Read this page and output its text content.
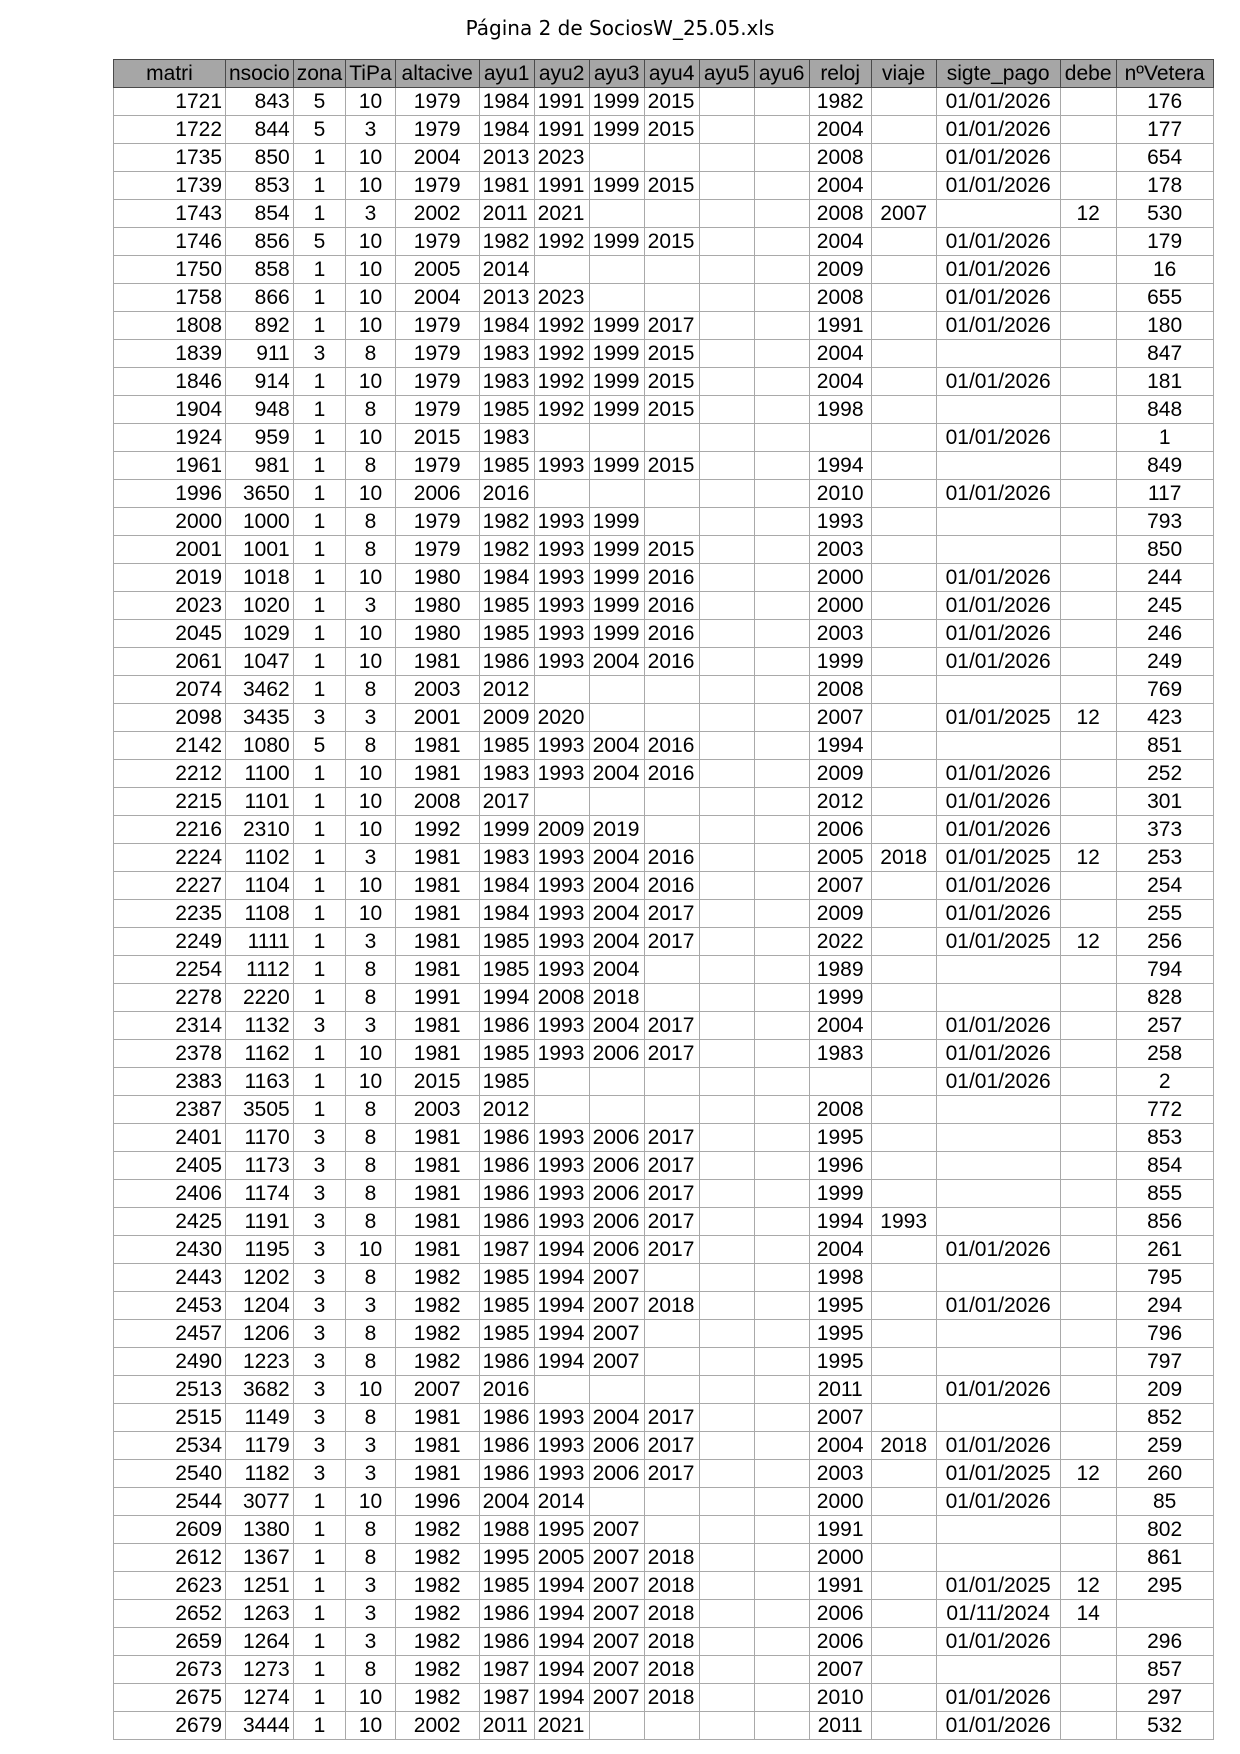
Página 2 de SociosW_25.05.xls
matri	nsocio	zona	TiPa	altacive	ayu1	ayu2	ayu3	ayu4	ayu5	ayu6	reloj	viaje	sigte_pago	debe	nºVetera
1721	843	5	10	1979	1984	1991	1999	2015			1982		01/01/2026		176
1722	844	5	3	1979	1984	1991	1999	2015			2004		01/01/2026		177
1735	850	1	10	2004	2013	2023					2008		01/01/2026		654
1739	853	1	10	1979	1981	1991	1999	2015			2004		01/01/2026		178
1743	854	1	3	2002	2011	2021					2008	2007		12	530
1746	856	5	10	1979	1982	1992	1999	2015			2004		01/01/2026		179
1750	858	1	10	2005	2014						2009		01/01/2026		16
1758	866	1	10	2004	2013	2023					2008		01/01/2026		655
1808	892	1	10	1979	1984	1992	1999	2017			1991		01/01/2026		180
1839	911	3	8	1979	1983	1992	1999	2015			2004				847
1846	914	1	10	1979	1983	1992	1999	2015			2004		01/01/2026		181
1904	948	1	8	1979	1985	1992	1999	2015			1998				848
1924	959	1	10	2015	1983								01/01/2026		1
1961	981	1	8	1979	1985	1993	1999	2015			1994				849
1996	3650	1	10	2006	2016						2010		01/01/2026		117
2000	1000	1	8	1979	1982	1993	1999				1993				793
2001	1001	1	8	1979	1982	1993	1999	2015			2003				850
2019	1018	1	10	1980	1984	1993	1999	2016			2000		01/01/2026		244
2023	1020	1	3	1980	1985	1993	1999	2016			2000		01/01/2026		245
2045	1029	1	10	1980	1985	1993	1999	2016			2003		01/01/2026		246
2061	1047	1	10	1981	1986	1993	2004	2016			1999		01/01/2026		249
2074	3462	1	8	2003	2012						2008				769
2098	3435	3	3	2001	2009	2020					2007		01/01/2025	12	423
2142	1080	5	8	1981	1985	1993	2004	2016			1994				851
2212	1100	1	10	1981	1983	1993	2004	2016			2009		01/01/2026		252
2215	1101	1	10	2008	2017						2012		01/01/2026		301
2216	2310	1	10	1992	1999	2009	2019				2006		01/01/2026		373
2224	1102	1	3	1981	1983	1993	2004	2016			2005	2018	01/01/2025	12	253
2227	1104	1	10	1981	1984	1993	2004	2016			2007		01/01/2026		254
2235	1108	1	10	1981	1984	1993	2004	2017			2009		01/01/2026		255
2249	1111	1	3	1981	1985	1993	2004	2017			2022		01/01/2025	12	256
2254	1112	1	8	1981	1985	1993	2004				1989				794
2278	2220	1	8	1991	1994	2008	2018				1999				828
2314	1132	3	3	1981	1986	1993	2004	2017			2004		01/01/2026		257
2378	1162	1	10	1981	1985	1993	2006	2017			1983		01/01/2026		258
2383	1163	1	10	2015	1985								01/01/2026		2
2387	3505	1	8	2003	2012						2008				772
2401	1170	3	8	1981	1986	1993	2006	2017			1995				853
2405	1173	3	8	1981	1986	1993	2006	2017			1996				854
2406	1174	3	8	1981	1986	1993	2006	2017			1999				855
2425	1191	3	8	1981	1986	1993	2006	2017			1994	1993			856
2430	1195	3	10	1981	1987	1994	2006	2017			2004		01/01/2026		261
2443	1202	3	8	1982	1985	1994	2007				1998				795
2453	1204	3	3	1982	1985	1994	2007	2018			1995		01/01/2026		294
2457	1206	3	8	1982	1985	1994	2007				1995				796
2490	1223	3	8	1982	1986	1994	2007				1995				797
2513	3682	3	10	2007	2016						2011		01/01/2026		209
2515	1149	3	8	1981	1986	1993	2004	2017			2007				852
2534	1179	3	3	1981	1986	1993	2006	2017			2004	2018	01/01/2026		259
2540	1182	3	3	1981	1986	1993	2006	2017			2003		01/01/2025	12	260
2544	3077	1	10	1996	2004	2014					2000		01/01/2026		85
2609	1380	1	8	1982	1988	1995	2007				1991				802
2612	1367	1	8	1982	1995	2005	2007	2018			2000				861
2623	1251	1	3	1982	1985	1994	2007	2018			1991		01/01/2025	12	295
2652	1263	1	3	1982	1986	1994	2007	2018			2006		01/11/2024	14	
2659	1264	1	3	1982	1986	1994	2007	2018			2006		01/01/2026		296
2673	1273	1	8	1982	1987	1994	2007	2018			2007				857
2675	1274	1	10	1982	1987	1994	2007	2018			2010		01/01/2026		297
2679	3444	1	10	2002	2011	2021					2011		01/01/2026		532
